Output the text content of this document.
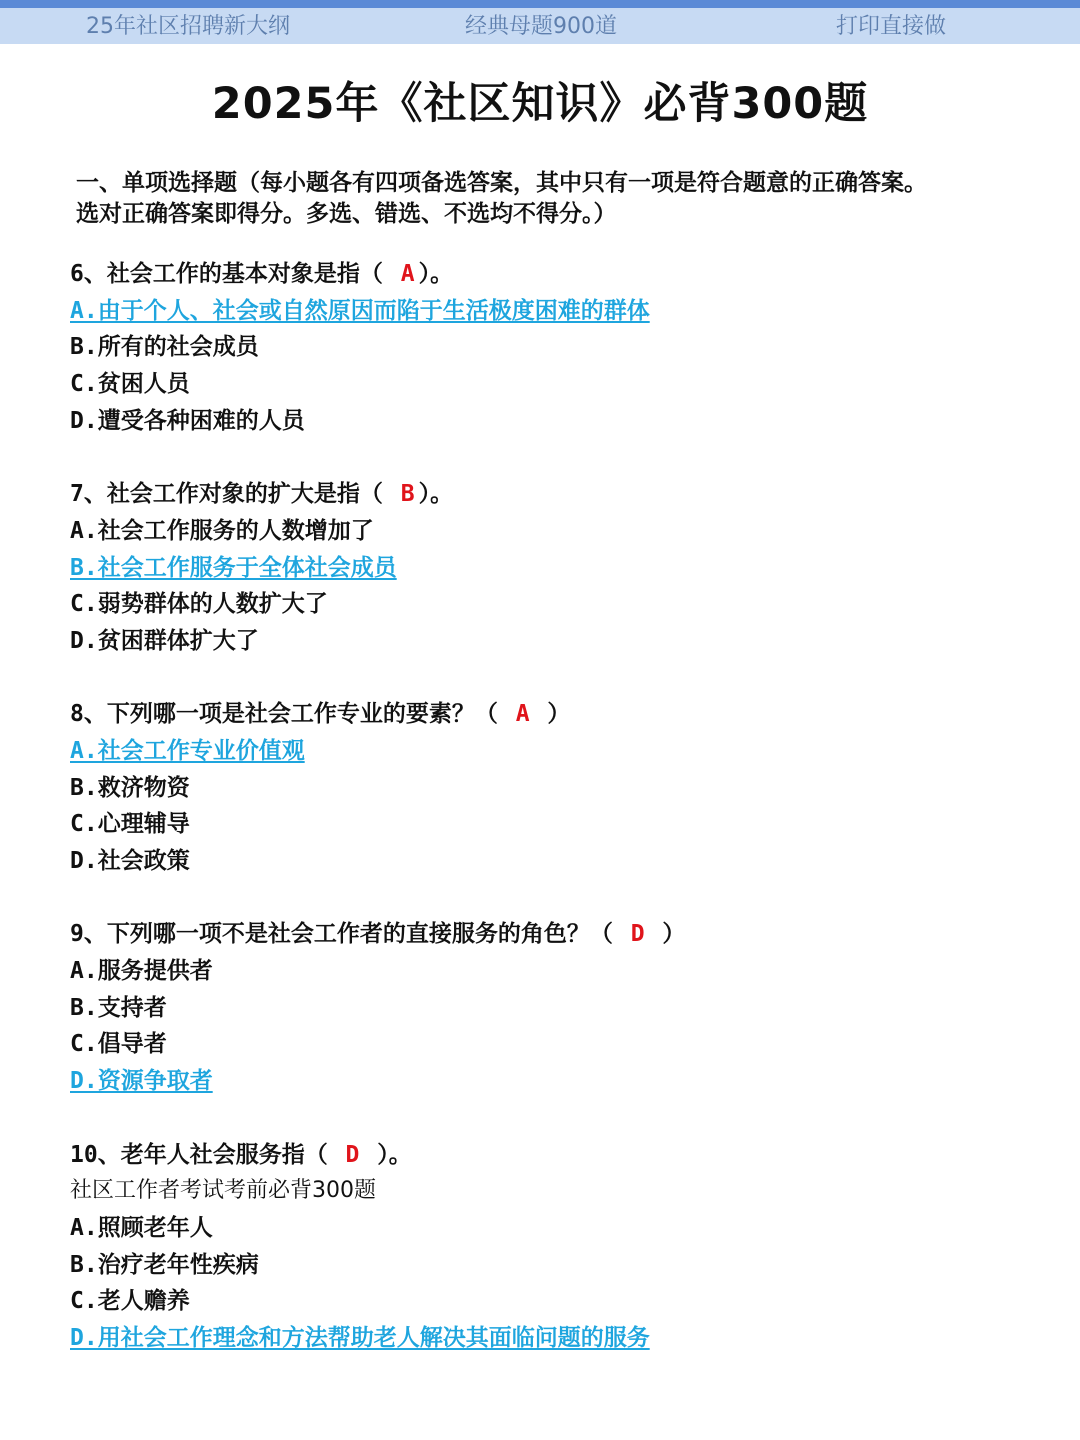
25年社区招聘新大纲	经典母题900道	打印直接做
2025年《社区知识》必背300题
一、单项选择题（每小题各有四项备选答案，其中只有一项是符合题意的正确答案。
选对正确答案即得分。多选、错选、不选均不得分。）
6、社会工作的基本对象是指（ A ）。
A.由于个人、社会或自然原因而陷于生活极度困难的群体
B.所有的社会成员
C.贫困人员
D.遭受各种困难的人员
7、社会工作对象的扩大是指（ B ）。
A.社会工作服务的人数增加了
B.社会工作服务于全体社会成员
C.弱势群体的人数扩大了
D.贫困群体扩大了
8、下列哪一项是社会工作专业的要素？（ A ）
A.社会工作专业价值观
B.救济物资
C.心理辅导
D.社会政策
9、下列哪一项不是社会工作者的直接服务的角色？（ D ）
A.服务提供者
B.支持者
C.倡导者
D.资源争取者
10、老年人社会服务指（ D ）。
社区工作者考试考前必背300题
A.照顾老年人
B.治疗老年性疾病
C.老人赡养
D.用社会工作理念和方法帮助老人解决其面临问题的服务
